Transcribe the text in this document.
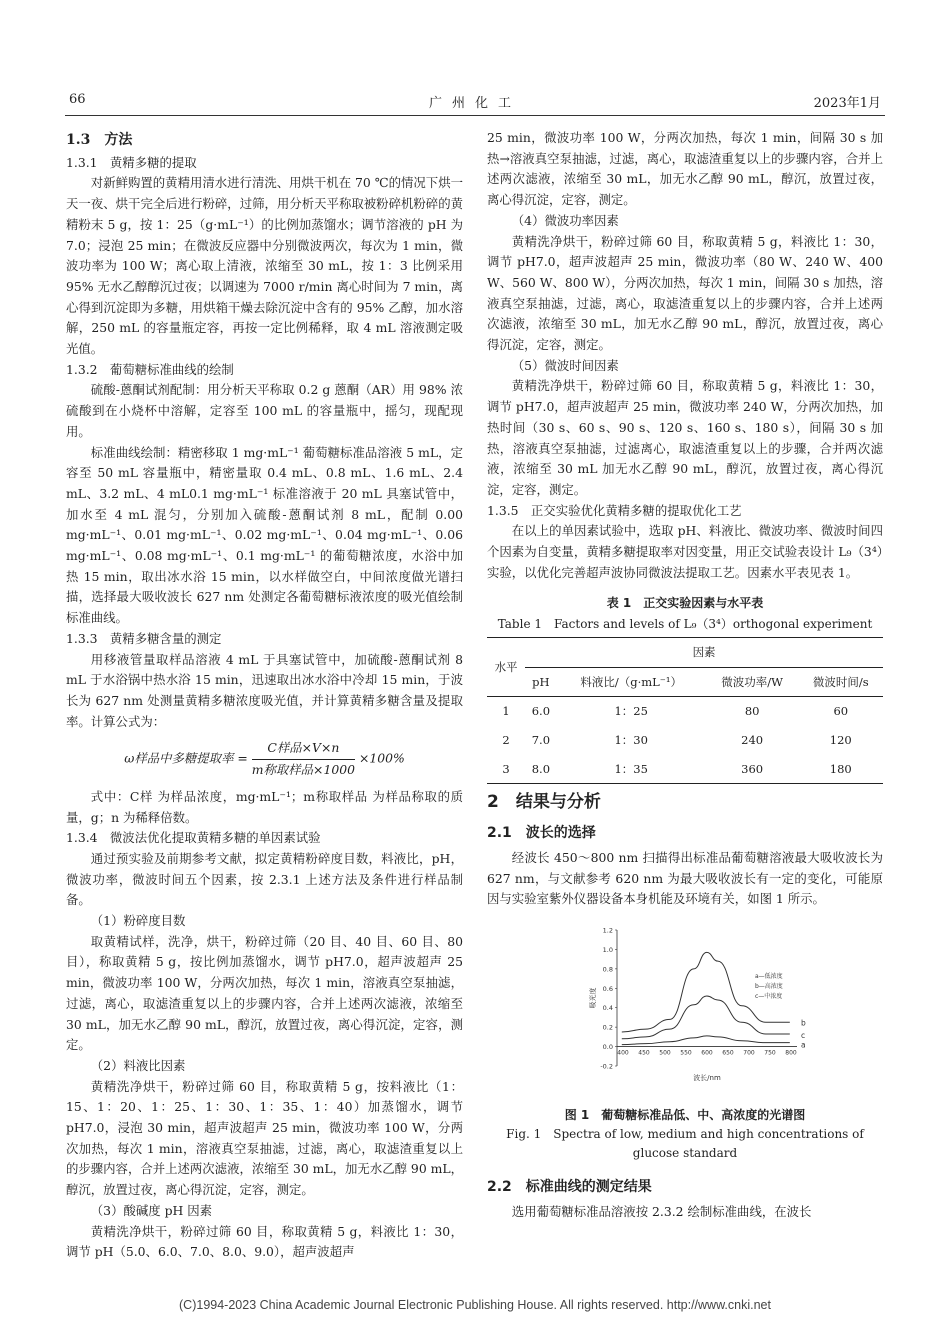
66	广州化工	2023年1月
1.3　方法
1.3.1　黄精多糖的提取

对新鲜购置的黄精用清水进行清洗、用烘干机在 70 ℃的情况下烘一天一夜、烘干完全后进行粉碎，过筛，用分析天平称取被粉碎机粉碎的黄精粉末 5 g，按 1：25（g·mL⁻¹）的比例加蒸馏水；调节溶液的 pH 为 7.0；浸泡 25 min；在微波反应器中分别微波两次，每次为 1 min，微波功率为 100 W；离心取上清液，浓缩至 30 mL，按 1：3 比例采用 95% 无水乙醇醇沉过夜；以调速为 7000 r/min 离心时间为 7 min，离心得到沉淀即为多糖，用烘箱干燥去除沉淀中含有的 95% 乙醇，加水溶解，250 mL 的容量瓶定容，再按一定比例稀释，取 4 mL 溶液测定吸光值。

1.3.2　葡萄糖标准曲线的绘制

硫酸-蒽酮试剂配制：用分析天平称取 0.2 g 蒽酮（AR）用 98% 浓硫酸到在小烧杯中溶解，定容至 100 mL 的容量瓶中，摇匀，现配现用。

标准曲线绘制：精密移取 1 mg·mL⁻¹ 葡萄糖标准品溶液 5 mL，定容至 50 mL 容量瓶中，精密量取 0.4 mL、0.8 mL、1.6 mL、2.4 mL、3.2 mL、4 mL0.1 mg·mL⁻¹ 标准溶液于 20 mL 具塞试管中，加水至 4 mL 混匀，分别加入硫酸-蒽酮试剂 8 mL，配制 0.00 mg·mL⁻¹、0.01 mg·mL⁻¹、0.02 mg·mL⁻¹、0.04 mg·mL⁻¹、0.06 mg·mL⁻¹、0.08 mg·mL⁻¹、0.1 mg·mL⁻¹ 的葡萄糖浓度，水浴中加热 15 min，取出冰水浴 15 min，以水样做空白，中间浓度做光谱扫描，选择最大吸收波长 627 nm 处测定各葡萄糖标液浓度的吸光值绘制标准曲线。

1.3.3　黄精多糖含量的测定

用移液管量取样品溶液 4 mL 于具塞试管中，加硫酸-蒽酮试剂 8 mL 于水浴锅中热水浴 15 min，迅速取出冰水浴中冷却 15 min，于波长为 627 nm 处测量黄精多糖浓度吸光值，并计算黄精多糖含量及提取率。计算公式为：

ω样品中多糖提取率 = $\frac{\text{C样品×V×n}}{\text{m称取样品×1000}} \times 100\%$

式中：C样 为样品浓度，mg·mL⁻¹；m称取样品 为样品称取的质量，g；n 为稀释倍数。

1.3.4　微波法优化提取黄精多糖的单因素试验

通过预实验及前期参考文献，拟定黄精粉碎度目数，料液比，pH，微波功率，微波时间五个因素，按 2.3.1 上述方法及条件进行样品制备。

（1）粉碎度目数

取黄精试样，洗净，烘干，粉碎过筛（20 目、40 目、60 目、80 目），称取黄精 5 g，按比例加蒸馏水，调节 pH7.0，超声波超声 25 min，微波功率 100 W，分两次加热，每次 1 min，溶液真空泵抽滤，过滤，离心，取滤渣重复以上的步骤内容，合并上述两次滤液，浓缩至 30 mL，加无水乙醇 90 mL，醇沉，放置过夜，离心得沉淀，定容，测定。

（2）料液比因素

黄精洗净烘干，粉碎过筛 60 目，称取黄精 5 g，按料液比（1：15、1：20、1：25、1：30、1：35、1：40）加蒸馏水，调节 pH7.0，浸泡 30 min，超声波超声 25 min，微波功率 100 W，分两次加热，每次 1 min，溶液真空泵抽滤，过滤，离心，取滤渣重复以上的步骤内容，合并上述两次滤液，浓缩至 30 mL，加无水乙醇 90 mL，醇沉，放置过夜，离心得沉淀，定容，测定。

（3）酸碱度 pH 因素

黄精洗净烘干，粉碎过筛 60 目，称取黄精 5 g，料液比 1：30，调节 pH（5.0、6.0、7.0、8.0、9.0），超声波超声

25 min，微波功率 100 W，分两次加热，每次 1 min，间隔 30 s 加热→溶液真空泵抽滤，过滤，离心，取滤渣重复以上的步骤内容，合并上述两次滤液，浓缩至 30 mL，加无水乙醇 90 mL，醇沉，放置过夜，离心得沉淀，定容，测定。

（4）微波功率因素

黄精洗净烘干，粉碎过筛 60 目，称取黄精 5 g，料液比 1：30，调节 pH7.0，超声波超声 25 min，微波功率（80 W、240 W、400 W、560 W、800 W），分两次加热，每次 1 min，间隔 30 s 加热，溶液真空泵抽滤，过滤，离心，取滤渣重复以上的步骤内容，合并上述两次滤液，浓缩至 30 mL，加无水乙醇 90 mL，醇沉，放置过夜，离心得沉淀，定容，测定。

（5）微波时间因素

黄精洗净烘干，粉碎过筛 60 目，称取黄精 5 g，料液比 1：30，调节 pH7.0，超声波超声 25 min，微波功率 240 W，分两次加热，加热时间（30 s、60 s、90 s、120 s、160 s、180 s），间隔 30 s 加热，溶液真空泵抽滤，过滤离心，取滤渣重复以上的步骤，合并两次滤液，浓缩至 30 mL 加无水乙醇 90 mL，醇沉，放置过夜，离心得沉淀，定容，测定。

1.3.5　正交实验优化黄精多糖的提取优化工艺

在以上的单因素试验中，选取 pH、料液比、微波功率、微波时间四个因素为自变量，黄精多糖提取率对因变量，用正交试验表设计 L₉（3⁴）实验，以优化完善超声波协同微波法提取工艺。因素水平表见表 1。

表 1　正交实验因素与水平表
Table 1　Factors and levels of L₉（3⁴）orthogonal experiment
水平	因素			
	pH	料液比/（g·mL⁻¹）	微波功率/W	微波时间/s
1	6.0	1：25	80	60
2	7.0	1：30	240	120
3	8.0	1：35	360	180
2　结果与分析
2.1　波长的选择

经波长 450～800 nm 扫描得出标准品葡萄糖溶液最大吸收波长为 627 nm，与文献参考 620 nm 为最大吸收波长有一定的变化，可能原因与实验室紫外仪器设备本身机能及环境有关，如图 1 所示。

-0.2
0.0
0.2
0.4
0.6
0.8
1.0
1.2
400 450 500 550 600 650 700 750 800
波长/nm
吸光度
b
c
a
a—低浓度
b—高浓度
c—中浓度
图 1　葡萄糖标准品低、中、高浓度的光谱图
Fig. 1　Spectra of low, medium and high concentrations of
glucose standard
2.2　标准曲线的测定结果

选用葡萄糖标准品溶液按 2.3.2 绘制标准曲线，在波长

(C)1994-2023 China Academic Journal Electronic Publishing House. All rights reserved. http://www.cnki.net
